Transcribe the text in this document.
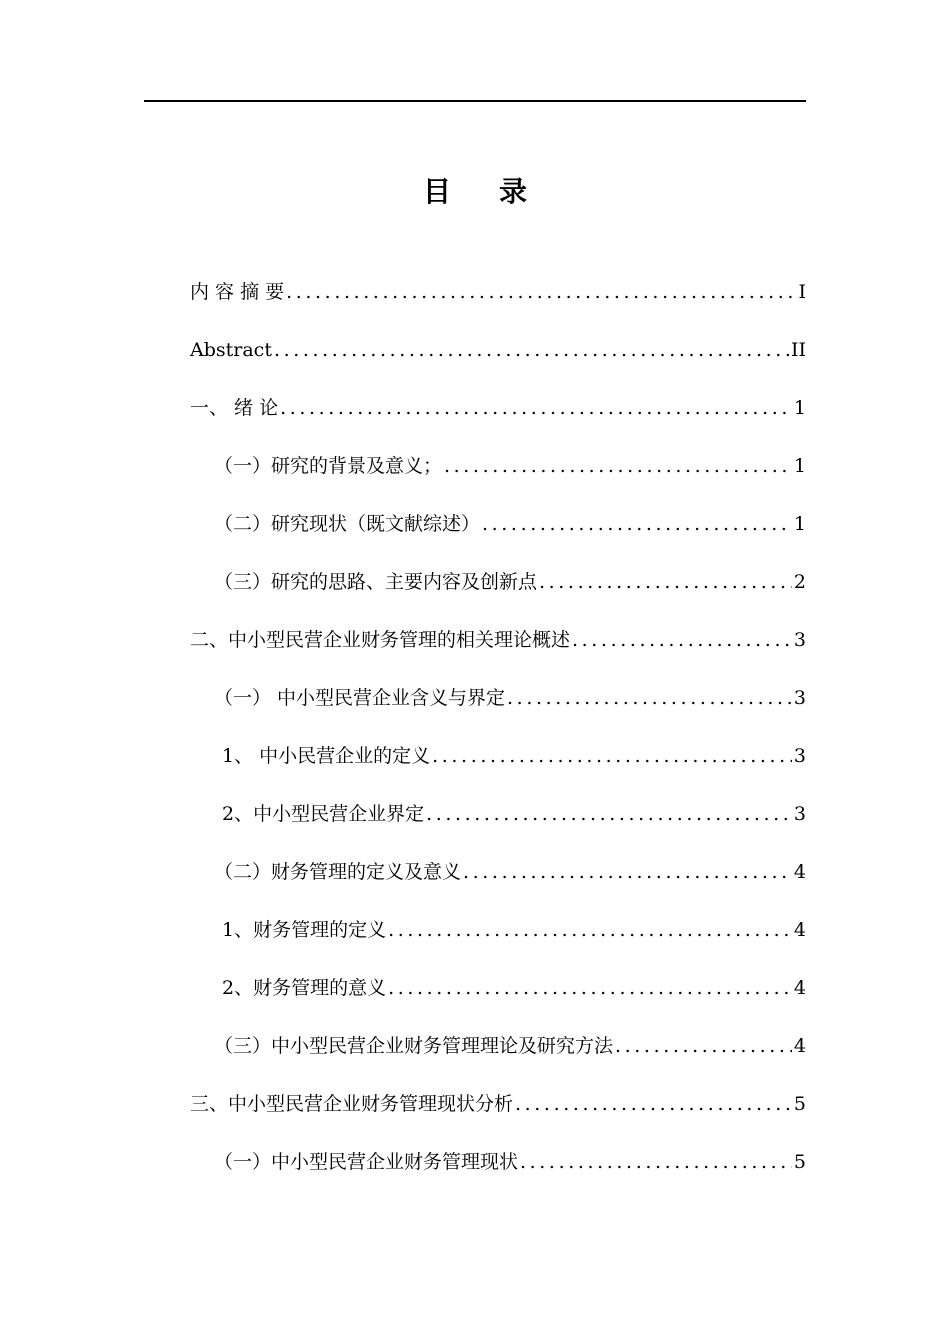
目 录
内 容 摘 要 .....	I
Abstract .....	II
一、 绪 论 .....	1
（一）研究的背景及意义； .....	1
（二）研究现状（既文献综述） .....	1
（三）研究的思路、主要内容及创新点 .....	2
二、中小型民营企业财务管理的相关理论概述 .....	3
（一） 中小型民营企业含义与界定 .....	3
1、 中小民营企业的定义 .....	3
2、中小型民营企业界定 .....	3
（二）财务管理的定义及意义 .....	4
1、财务管理的定义 .....	4
2、财务管理的意义 .....	4
（三）中小型民营企业财务管理理论及研究方法 .....	4
三、中小型民营企业财务管理现状分析 .....	5
（一）中小型民营企业财务管理现状 .....	5
